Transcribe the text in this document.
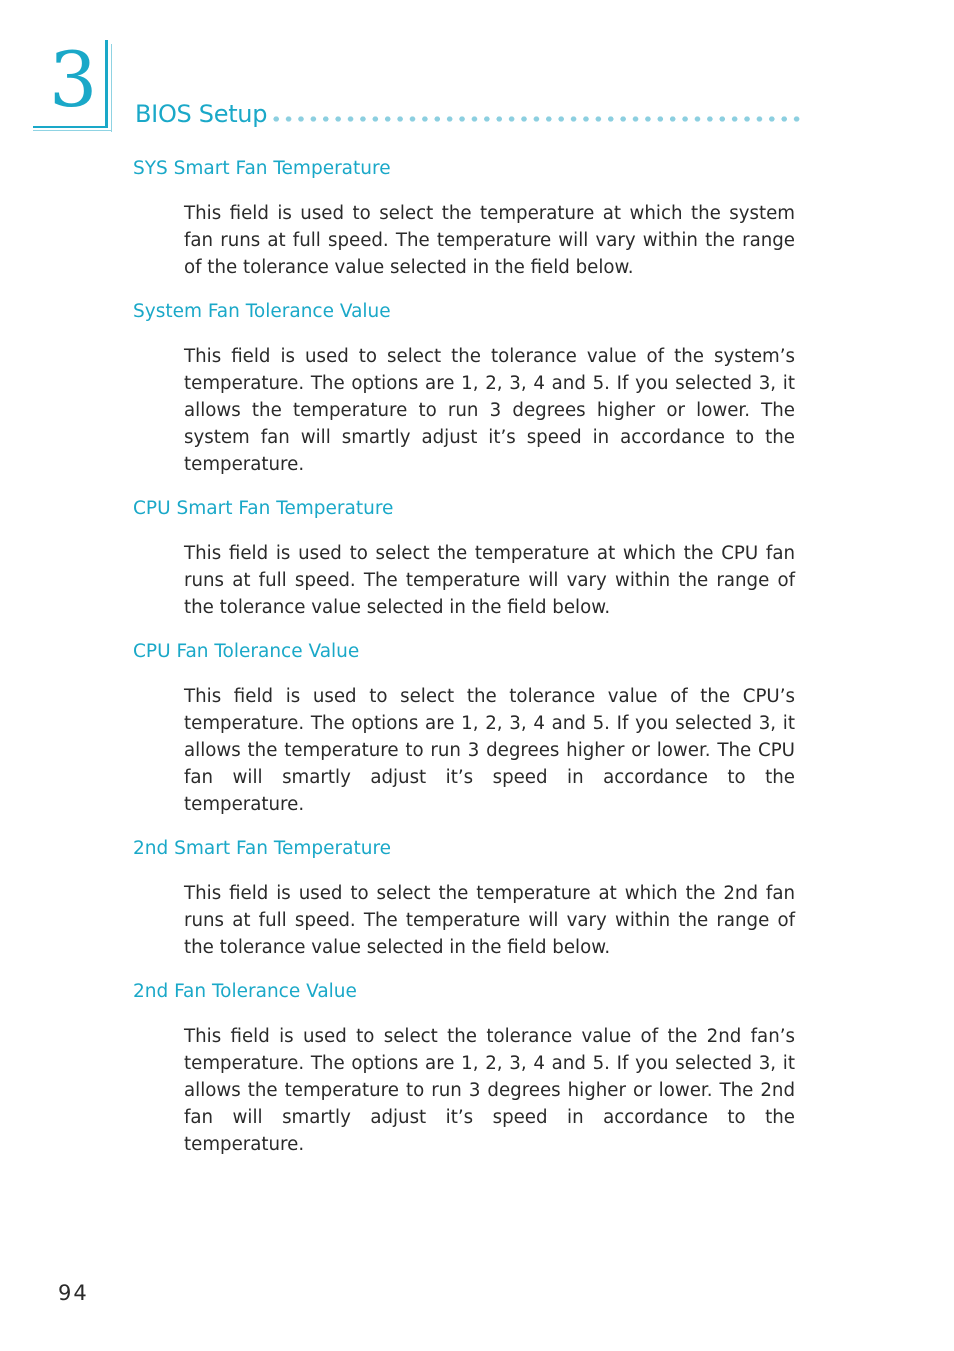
3 BIOS Setup
SYS Smart Fan Temperature

This field is used to select the temperature at which the system fan runs at full speed. The temperature will vary within the range of the tolerance value selected in the field below.

System Fan Tolerance Value

This field is used to select the tolerance value of the system’s temperature. The options are 1, 2, 3, 4 and 5. If you selected 3, it allows the temperature to run 3 degrees higher or lower. The system fan will smartly adjust it’s speed in accordance to the temperature.

CPU Smart Fan Temperature

This field is used to select the temperature at which the CPU fan runs at full speed. The temperature will vary within the range of the tolerance value selected in the field below.

CPU Fan Tolerance Value

This field is used to select the tolerance value of the CPU’s temperature. The options are 1, 2, 3, 4 and 5. If you selected 3, it allows the temperature to run 3 degrees higher or lower. The CPU fan will smartly adjust it’s speed in accordance to the temperature.

2nd Smart Fan Temperature

This field is used to select the temperature at which the 2nd fan runs at full speed. The temperature will vary within the range of the tolerance value selected in the field below.

2nd Fan Tolerance Value

This field is used to select the tolerance value of the 2nd fan’s temperature. The options are 1, 2, 3, 4 and 5. If you selected 3, it allows the temperature to run 3 degrees higher or lower. The 2nd fan will smartly adjust it’s speed in accordance to the temperature.

94
